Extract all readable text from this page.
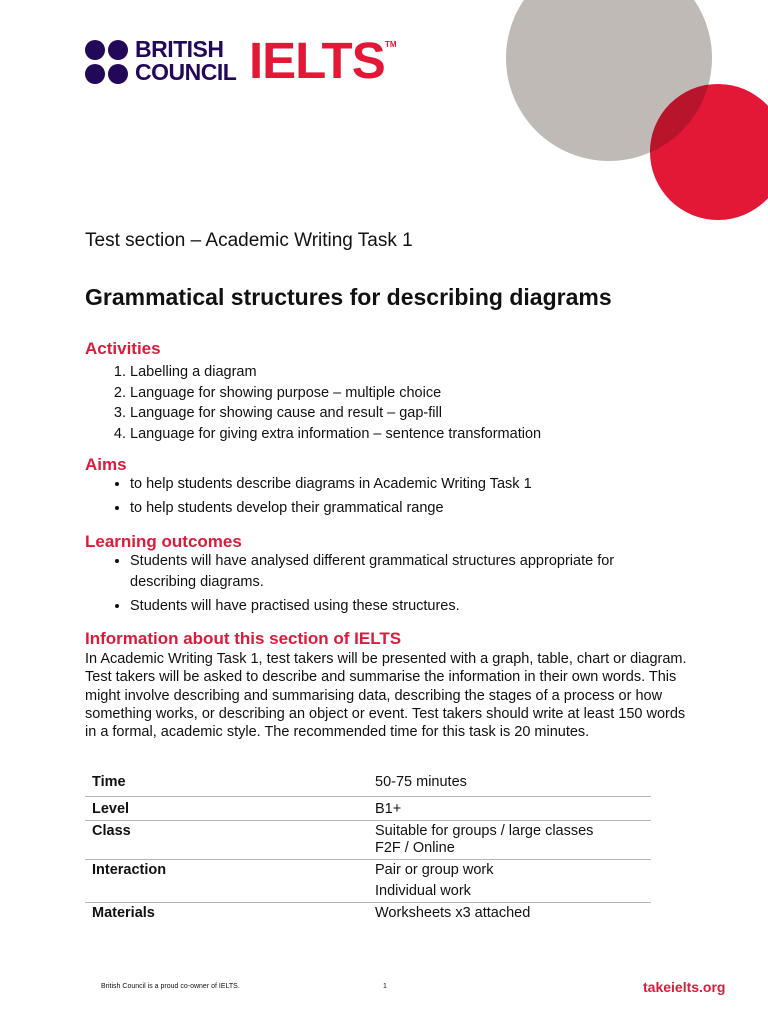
BRITISH
COUNCIL IELTS TM
Test section – Academic Writing Task 1
Grammatical structures for describing diagrams
Activities
1. Labelling a diagram
2. Language for showing purpose – multiple choice
3. Language for showing cause and result – gap-fill
4. Language for giving extra information – sentence transformation
Aims
• to help students describe diagrams in Academic Writing Task 1
• to help students develop their grammatical range
Learning outcomes
• Students will have analysed different grammatical structures appropriate for describing diagrams.
• Students will have practised using these structures.
Information about this section of IELTS

In Academic Writing Task 1, test takers will be presented with a graph, table, chart or diagram. Test takers will be asked to describe and summarise the information in their own words. This might involve describing and summarising data, describing the stages of a process or how something works, or describing an object or event. Test takers should write at least 150 words in a formal, academic style. The recommended time for this task is 20 minutes.

Time	50-75 minutes
Level	B1+
Class	Suitable for groups / large classes
F2F / Online

Interaction	Pair or group work
Individual work

Materials	Worksheets x3 attached
British Council is a proud co-owner of IELTS.	1	takeielts.org
